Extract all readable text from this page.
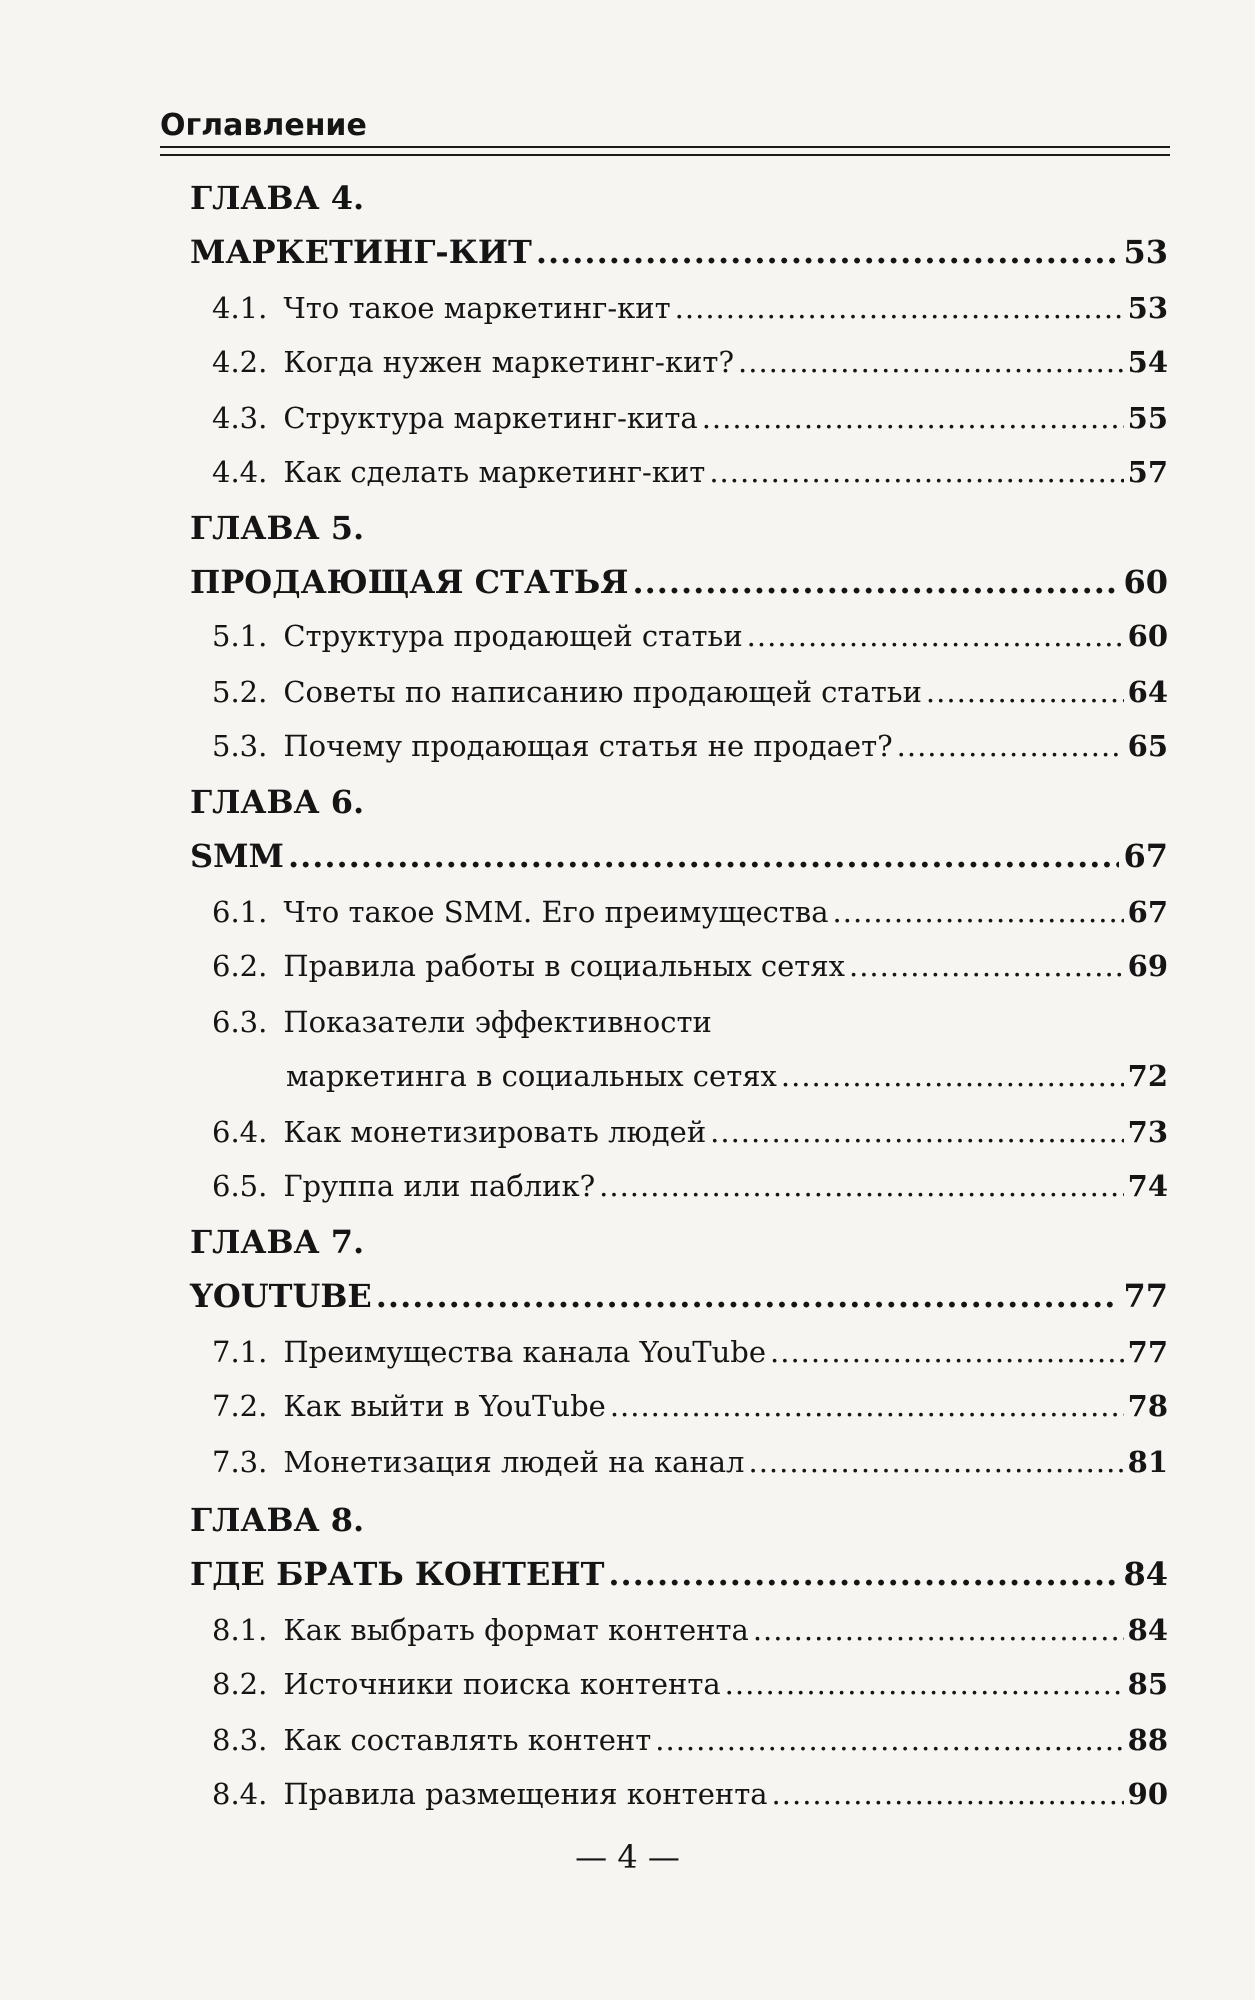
Оглавление
ГЛАВА 4.
МАРКЕТИНГ-КИТ .....	53
4.1. Что такое маркетинг-кит .....	53
4.2. Когда нужен маркетинг-кит? .....	54
4.3. Структура маркетинг-кита .....	55
4.4. Как сделать маркетинг-кит .....	57
ГЛАВА 5.
ПРОДАЮЩАЯ СТАТЬЯ .....	60
5.1. Структура продающей статьи .....	60
5.2. Советы по написанию продающей статьи .....	64
5.3. Почему продающая статья не продает? .....	65
ГЛАВА 6.
SMM .....	67
6.1. Что такое SMM. Его преимущества .....	67
6.2. Правила работы в социальных сетях .....	69
6.3. Показатели эффективности
маркетинга в социальных сетях .....	72
6.4. Как монетизировать людей .....	73
6.5. Группа или паблик? .....	74
ГЛАВА 7.
YOUTUBE .....	77
7.1. Преимущества канала YouTube .....	77
7.2. Как выйти в YouTube .....	78
7.3. Монетизация людей на канал .....	81
ГЛАВА 8.
ГДЕ БРАТЬ КОНТЕНТ .....	84
8.1. Как выбрать формат контента .....	84
8.2. Источники поиска контента .....	85
8.3. Как составлять контент .....	88
8.4. Правила размещения контента .....	90
— 4 —
